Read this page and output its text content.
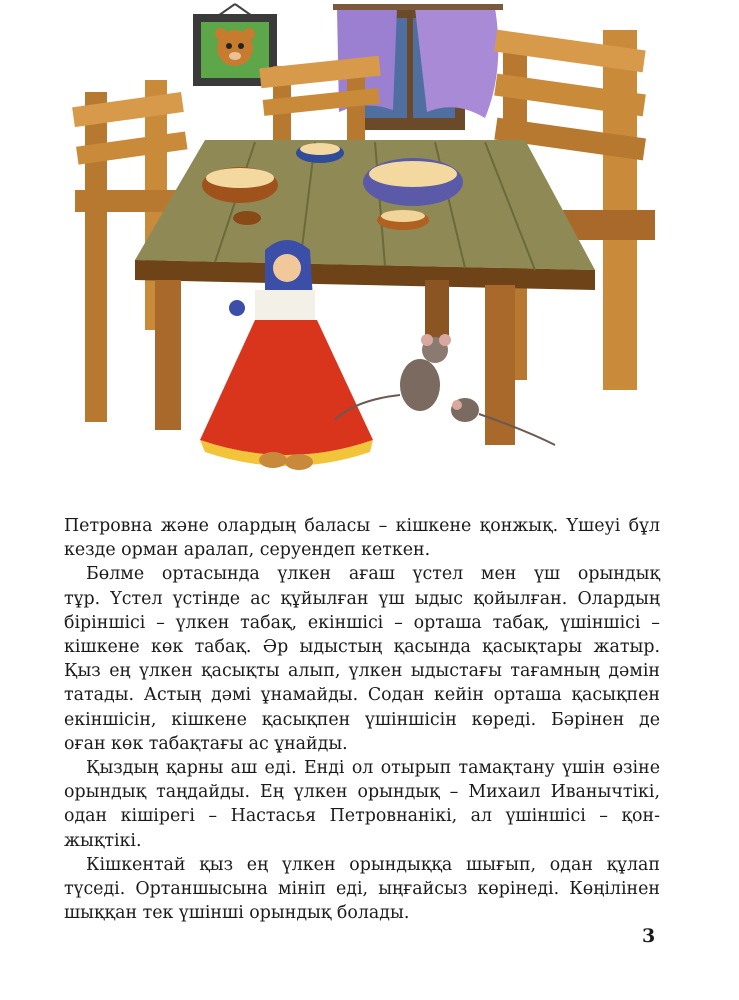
Петровна және олардың баласы – кішкене қонжық. Үшеуі бұл
кезде орман аралап, серуендеп кеткен.
Бөлме ортасында үлкен ағаш үстел мен үш орындық
тұр. Үстел үстінде ас құйылған үш ыдыс қойылған. Олардың
біріншісі – үлкен табақ, екіншісі – орташа табақ, үшіншісі –
кішкене көк табақ. Әр ыдыстың қасында қасықтары жатыр.
Қыз ең үлкен қасықты алып, үлкен ыдыстағы тағамның дәмін
татады. Астың дәмі ұнамайды. Содан кейін орташа қасықпен
екіншісін, кішкене қасықпен үшіншісін көреді. Бәрінен де
оған көк табақтағы ас ұнайды.
Қыздың қарны аш еді. Енді ол отырып тамақтану үшін өзіне
орындық таңдайды. Ең үлкен орындық – Михаил Иванычтікі,
одан кішірегі – Настасья Петровнанікі, ал үшіншісі – қон-
жықтікі.
Кішкентай қыз ең үлкен орындыққа шығып, одан құлап
түседі. Ортаншысына мініп еді, ыңғайсыз көрінеді. Көңілінен
шыққан тек үшінші орындық болады.
3
